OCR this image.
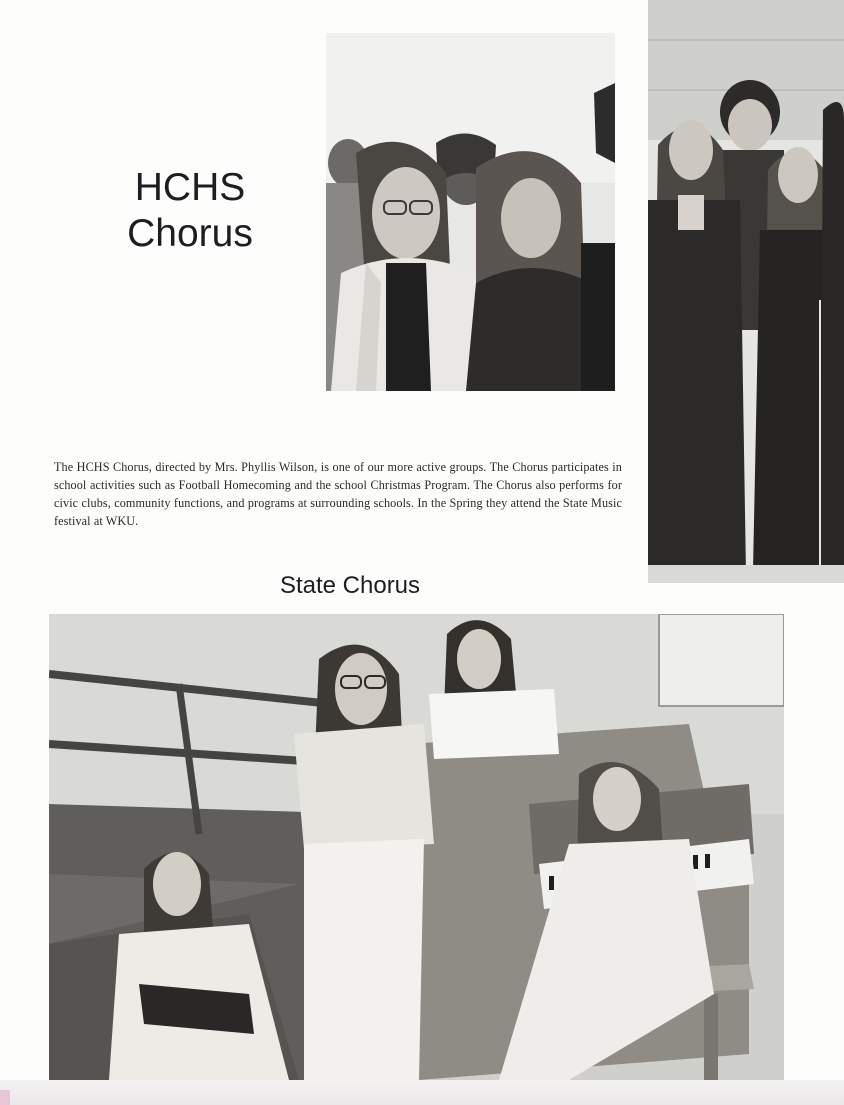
HCHS
Chorus

The HCHS Chorus, directed by Mrs. Phyllis Wilson, is one of our more active groups. The Chorus participates in school activities such as Football Homecoming and the school Christmas Program. The Chorus also performs for civic clubs, community functions, and programs at surrounding schools. In the Spring they attend the State Music festival at WKU.

State Chorus
